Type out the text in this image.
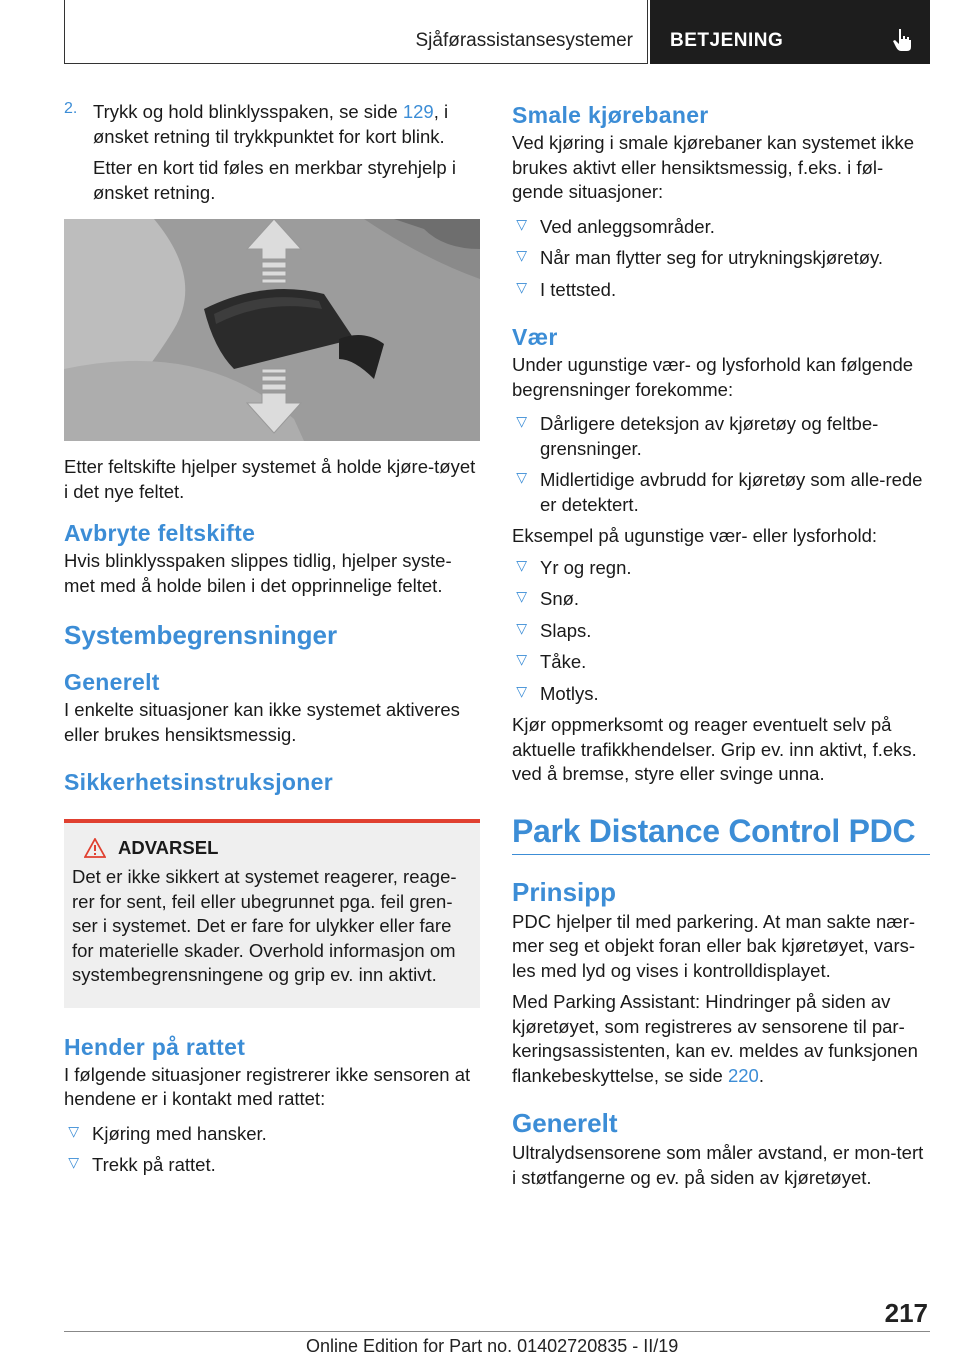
Sjåførassistansesystemer BETJENING
2. Trykk og hold blinklysspaken, se side 129, i ønsket retning til trykkpunktet for kort blink.

Etter en kort tid føles en merkbar styrehjelp i ønsket retning.

Etter feltskifte hjelper systemet å holde kjøre-tøyet i det nye feltet.

Avbryte feltskifte

Hvis blinklysspaken slippes tidlig, hjelper syste-met med å holde bilen i det opprinnelige feltet.

Systembegrensninger
Generelt

I enkelte situasjoner kan ikke systemet aktiveres eller brukes hensiktsmessig.

Sikkerhetsinstruksjoner
ADVARSEL

Det er ikke sikkert at systemet reagerer, reage-rer for sent, feil eller ubegrunnet pga. feil gren-ser i systemet. Det er fare for ulykker eller fare for materielle skader. Overhold informasjon om systembegrensningene og grip ev. inn aktivt.

Hender på rattet

I følgende situasjoner registrerer ikke sensoren at hendene er i kontakt med rattet:

▷ Kjøring med hansker.

▷ Trekk på rattet.

Smale kjørebaner

Ved kjøring i smale kjørebaner kan systemet ikke brukes aktivt eller hensiktsmessig, f.eks. i føl-gende situasjoner:

▷ Ved anleggsområder.

▷ Når man flytter seg for utrykningskjøretøy.

▷ I tettsted.

Vær

Under ugunstige vær- og lysforhold kan følgende begrensninger forekomme:

▷ Dårligere deteksjon av kjøretøy og feltbe-grensninger.

▷ Midlertidige avbrudd for kjøretøy som alle-rede er detektert.

Eksempel på ugunstige vær- eller lysforhold:

▷ Yr og regn.

▷ Snø.

▷ Slaps.

▷ Tåke.

▷ Motlys.

Kjør oppmerksomt og reager eventuelt selv på aktuelle trafikkhendelser. Grip ev. inn aktivt, f.eks. ved å bremse, styre eller svinge unna.

Park Distance Control PDC
Prinsipp

PDC hjelper til med parkering. At man sakte nær-mer seg et objekt foran eller bak kjøretøyet, vars-les med lyd og vises i kontrolldisplayet.

Med Parking Assistant: Hindringer på siden av kjøretøyet, som registreres av sensorene til par-keringsassistenten, kan ev. meldes av funksjonen flankebeskyttelse, se side 220.

Generelt

Ultralydsensorene som måler avstand, er mon-tert i støtfangerne og ev. på siden av kjøretøyet.

217
Online Edition for Part no. 01402720835 - II/19
